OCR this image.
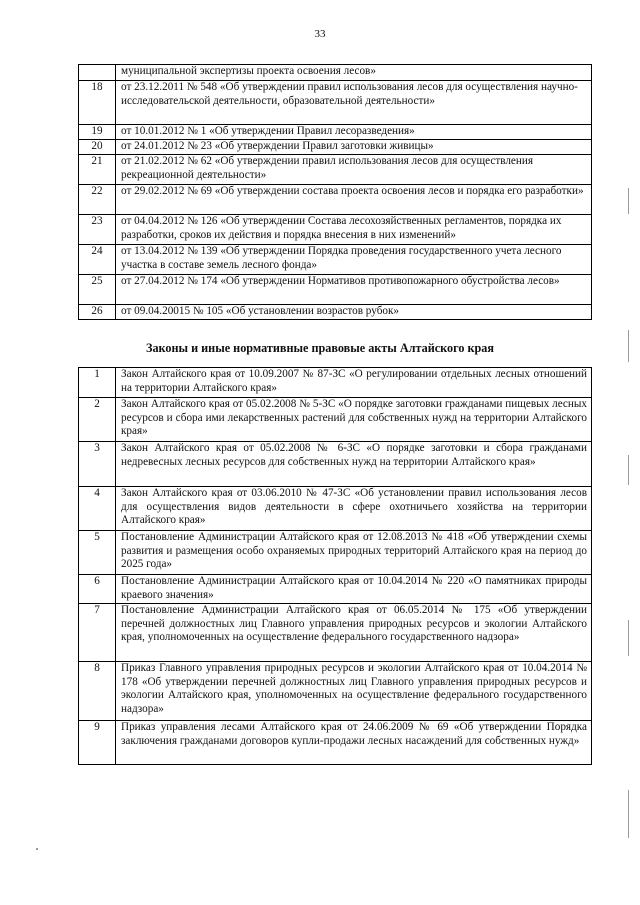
33
	муниципальной экспертизы проекта освоения лесов»
18	от 23.12.2011 № 548 «Об утверждении правил использования лесов для осуществления научно-исследовательской деятельности, образовательной деятельности»
19	от 10.01.2012 № 1 «Об утверждении Правил лесоразведения»
20	от 24.01.2012 № 23 «Об утверждении Правил заготовки живицы»
21	от 21.02.2012 № 62 «Об утверждении правил использования лесов для осуществления рекреационной деятельности»
22	от 29.02.2012 № 69 «Об утверждении состава проекта освоения лесов и порядка его разработки»
23	от 04.04.2012 № 126 «Об утверждении Состава лесохозяйственных регламентов, порядка их разработки, сроков их действия и порядка внесения в них изменений»
24	от 13.04.2012 № 139 «Об утверждении Порядка проведения государственного учета лесного участка в составе земель лесного фонда»
25	от 27.04.2012 № 174 «Об утверждении Нормативов противопожарного обустройства лесов»
26	от 09.04.20015 № 105 «Об установлении возрастов рубок»
Законы и иные нормативные правовые акты Алтайского края
1	Закон Алтайского края от 10.09.2007 № 87-ЗС «О регулировании отдельных лесных отношений на территории Алтайского края»
2	Закон Алтайского края от 05.02.2008 № 5-ЗС «О порядке заготовки гражданами пищевых лесных ресурсов и сбора ими лекарственных растений для собственных нужд на территории Алтайского края»
3	Закон Алтайского края от 05.02.2008 № 6-ЗС «О порядке заготовки и сбора гражданами недревесных лесных ресурсов для собственных нужд на территории Алтайского края»
4	Закон Алтайского края от 03.06.2010 № 47-ЗС «Об установлении правил использования лесов для осуществления видов деятельности в сфере охотничьего хозяйства на территории Алтайского края»
5	Постановление Администрации Алтайского края от 12.08.2013 № 418 «Об утверждении схемы развития и размещения особо охраняемых природных территорий Алтайского края на период до 2025 года»
6	Постановление Администрации Алтайского края от 10.04.2014 № 220 «О памятниках природы краевого значения»
7	Постановление Администрации Алтайского края от 06.05.2014 № 175 «Об утверждении перечней должностных лиц Главного управления природных ресурсов и экологии Алтайского края, уполномоченных на осуществление федерального государственного надзора»
8	Приказ Главного управления природных ресурсов и экологии Алтайского края от 10.04.2014 № 178 «Об утверждении перечней должностных лиц Главного управления природных ресурсов и экологии Алтайского края, уполномоченных на осуществление федерального государственного надзора»
9	Приказ управления лесами Алтайского края от 24.06.2009 № 69 «Об утверждении Порядка заключения гражданами договоров купли-продажи лесных насаждений для собственных нужд»
